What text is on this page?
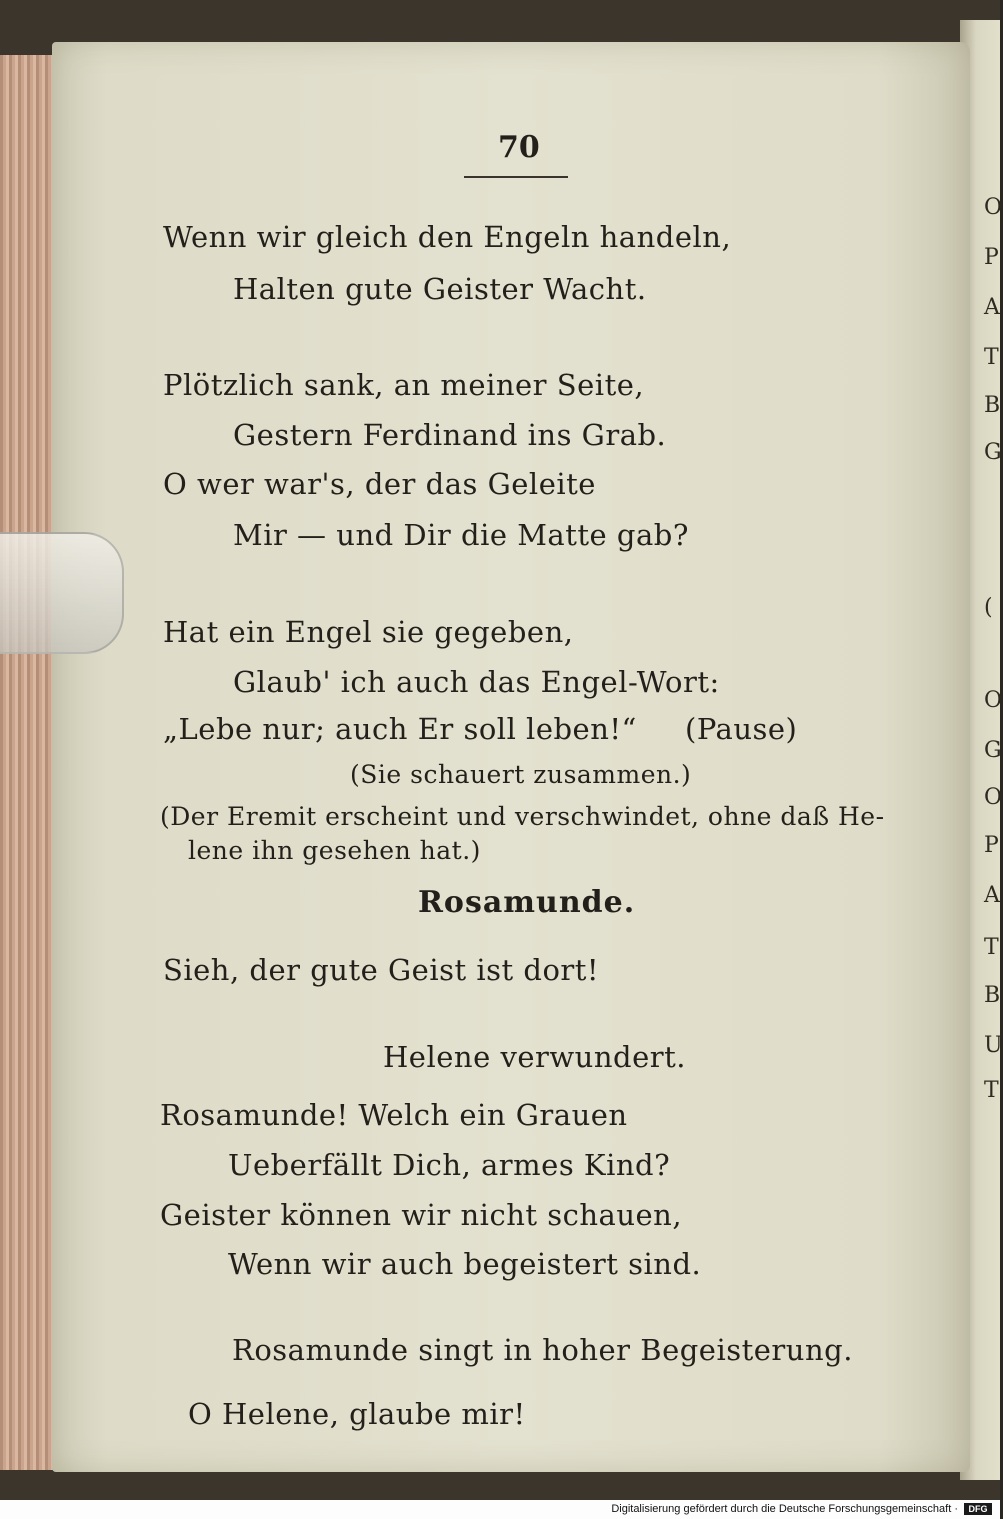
O
P
A
T
B
G
(
O
G
O
P
A
T
B
U
T
70
Wenn wir gleich den Engeln handeln,
Halten gute Geister Wacht.
Plötzlich sank, an meiner Seite,
Gestern Ferdinand ins Grab.
O wer war's, der das Geleite
Mir — und Dir die Matte gab?
Hat ein Engel sie gegeben,
Glaub' ich auch das Engel-Wort:
„Lebe nur; auch Er soll leben!“ (Pause)
(Sie schauert zusammen.)
(Der Eremit erscheint und verschwindet, ohne daß He-
lene ihn gesehen hat.)
Rosamunde.
Sieh, der gute Geist ist dort!
Helene verwundert.
Rosamunde! Welch ein Grauen
Ueberfällt Dich, armes Kind?
Geister können wir nicht schauen,
Wenn wir auch begeistert sind.
Rosamunde singt in hoher Begeisterung.
O Helene, glaube mir!
Digitalisierung gefördert durch die Deutsche Forschungsgemeinschaft ·	DFG
